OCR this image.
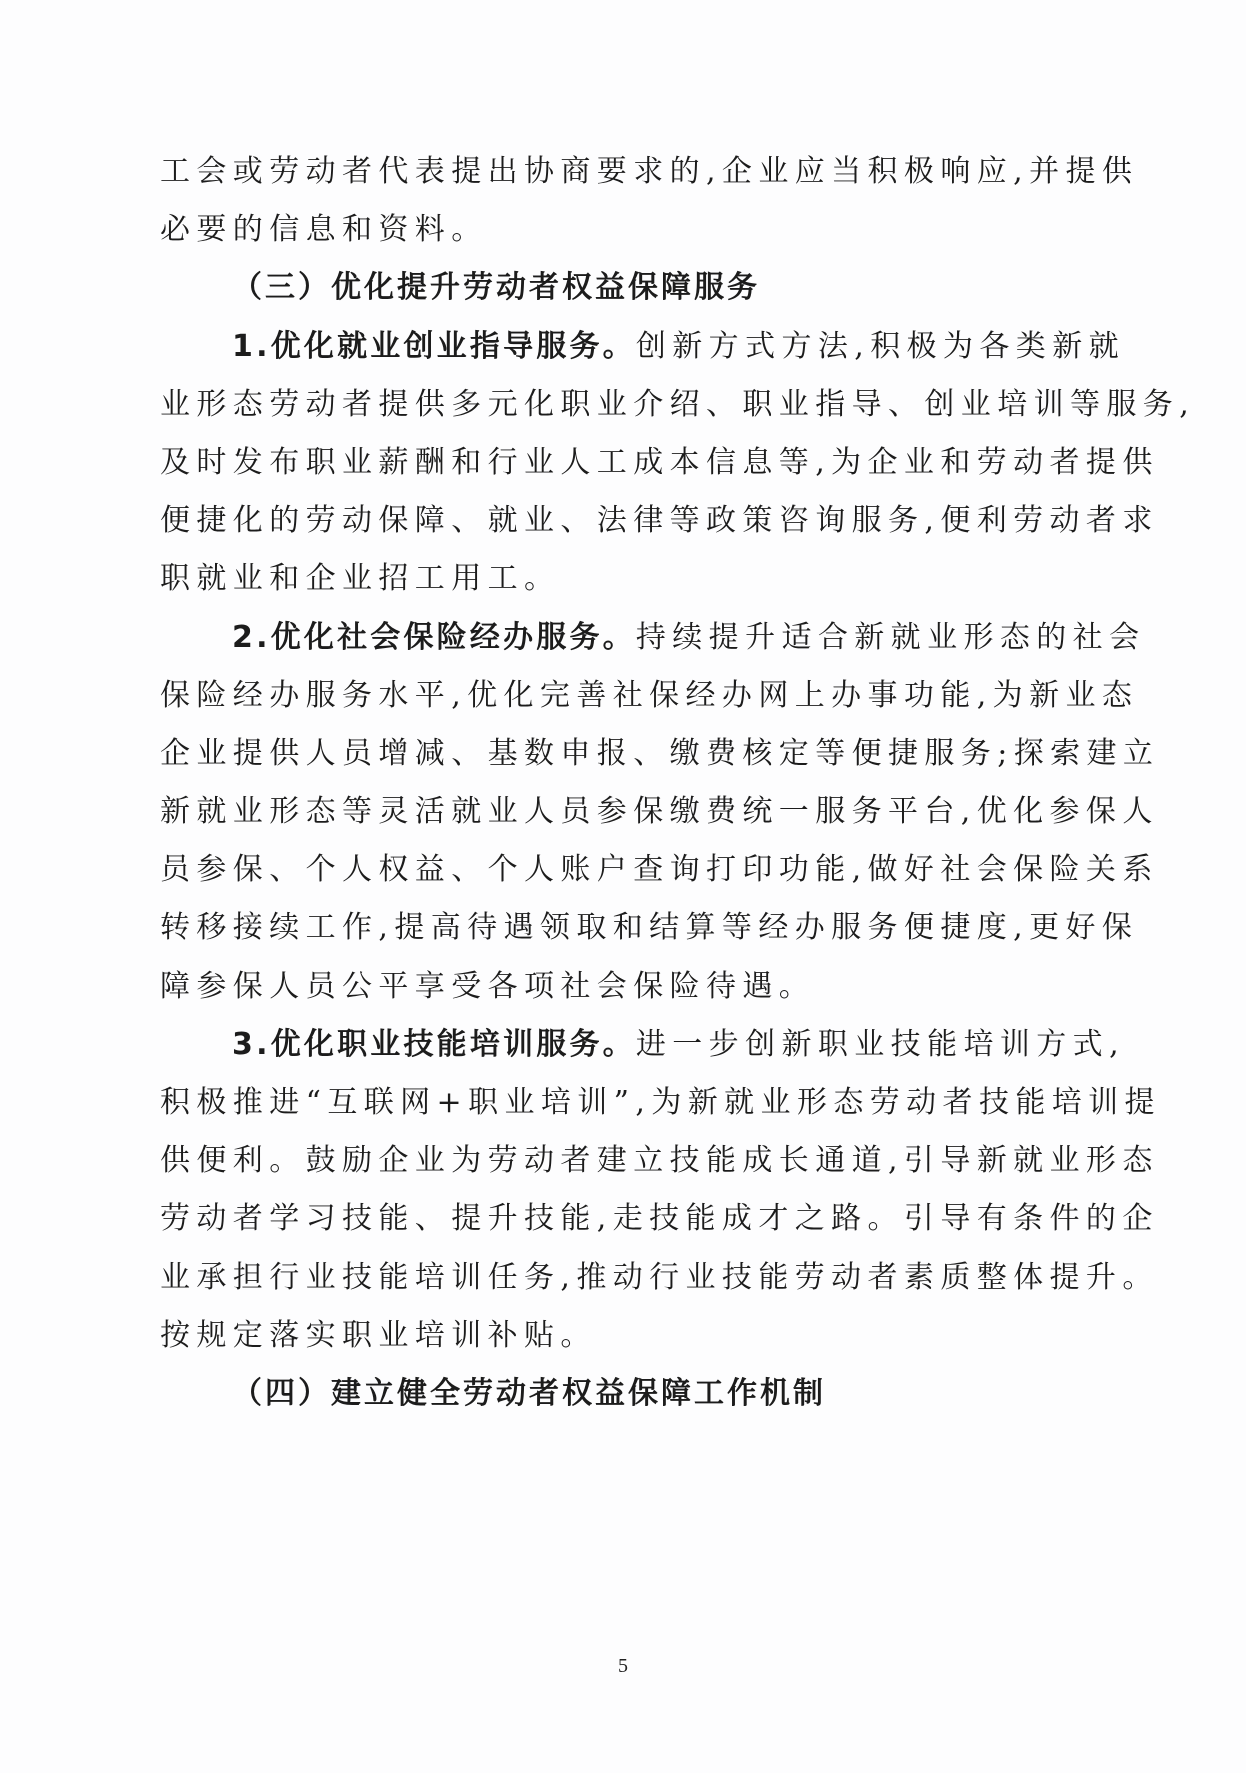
工会或劳动者代表提出协商要求的,企业应当积极响应,并提供
必要的信息和资料。
（三）优化提升劳动者权益保障服务
1.优化就业创业指导服务。创新方式方法,积极为各类新就
业形态劳动者提供多元化职业介绍、职业指导、创业培训等服务,
及时发布职业薪酬和行业人工成本信息等,为企业和劳动者提供
便捷化的劳动保障、就业、法律等政策咨询服务,便利劳动者求
职就业和企业招工用工。
2.优化社会保险经办服务。持续提升适合新就业形态的社会
保险经办服务水平,优化完善社保经办网上办事功能,为新业态
企业提供人员增减、基数申报、缴费核定等便捷服务;探索建立
新就业形态等灵活就业人员参保缴费统一服务平台,优化参保人
员参保、个人权益、个人账户查询打印功能,做好社会保险关系
转移接续工作,提高待遇领取和结算等经办服务便捷度,更好保
障参保人员公平享受各项社会保险待遇。
3.优化职业技能培训服务。进一步创新职业技能培训方式,
积极推进“互联网+职业培训”,为新就业形态劳动者技能培训提
供便利。鼓励企业为劳动者建立技能成长通道,引导新就业形态
劳动者学习技能、提升技能,走技能成才之路。引导有条件的企
业承担行业技能培训任务,推动行业技能劳动者素质整体提升。
按规定落实职业培训补贴。
（四）建立健全劳动者权益保障工作机制
5
